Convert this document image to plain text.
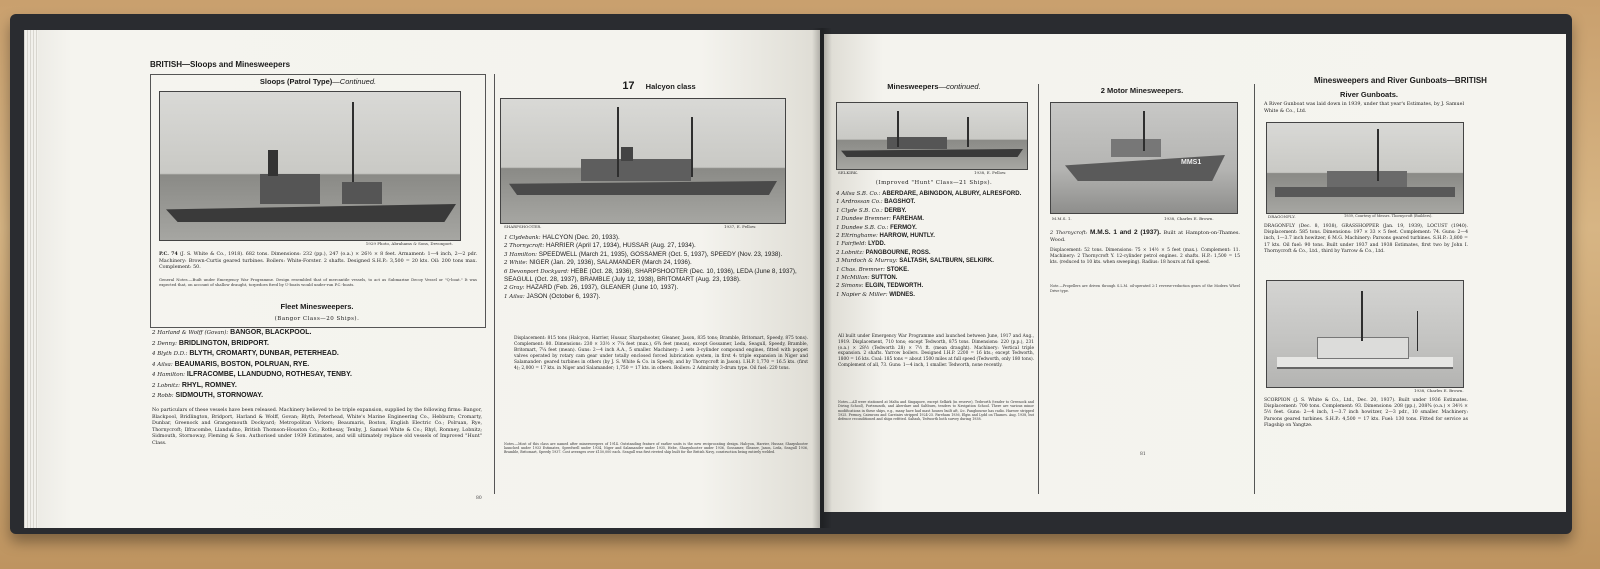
BRITISH—Sloops and Minesweepers
Sloops (Patrol Type)—Continued.
1929 Photo, Abrahams & Sons, Devonport.
P.C. 74 (J. S. White & Co., 1918). 682 tons. Dimensions: 232 (pp.), 247 (o.a.) × 26½ × 8 feet. Armament: 1—4 inch, 2—2 pdr. Machinery: Brown-Curtis geared turbines. Boilers: White-Forster. 2 shafts. Designed S.H.P.: 3,500 = 20 kts. Oil: 200 tons max. Complement: 50.
General Notes.—Built under Emergency War Programme. Design resembled that of mercantile vessels, to act as Submarine Decoy Vessel or "Q-boat." It was expected that, on account of shallow draught, torpedoes fired by U-boats would under-run P.C.-boats.
Fleet Minesweepers.
(Bangor Class—20 Ships).
2 Harland & Wolff (Govan): BANGOR, BLACKPOOL.
2 Denny: BRIDLINGTON, BRIDPORT.
4 Blyth D.D.: BLYTH, CROMARTY, DUNBAR, PETERHEAD.
4 Ailsa: BEAUMARIS, BOSTON, POLRUAN, RYE.
4 Hamilton: ILFRACOMBE, LLANDUDNO, ROTHESAY, TENBY.
2 Lobnitz: RHYL, ROMNEY.
2 Robb: SIDMOUTH, STORNOWAY.
No particulars of these vessels have been released. Machinery believed to be triple expansion, supplied by the following firms: Bangor, Blackpool, Bridlington, Bridport, Harland & Wolff, Govan; Blyth, Peterhead, White's Marine Engineering Co., Hebburn; Cromarty, Dunbar, Greenock and Grangemouth Dockyard; Metropolitan Vickers; Beaumaris, Boston, English Electric Co.; Polruan, Rye, Thornycroft; Ilfracombe, Llandudno, British Thomson-Houston Co.; Rothesay, Tenby, J. Samuel White & Co.; Rhyl, Romney, Lobnitz; Sidmouth, Stornoway, Fleming & Son. Authorised under 1939 Estimates, and will ultimately replace old vessels of Improved "Hunt" Class.
17 Halcyon class
SHARPSHOOTER.	1937, E. Pellow.
1 Clydebank: HALCYON (Dec. 20, 1933).
2 Thornycroft: HARRIER (April 17, 1934), HUSSAR (Aug. 27, 1934).
3 Hamilton: SPEEDWELL (March 21, 1935), GOSSAMER (Oct. 5, 1937), SPEEDY (Nov. 23, 1938).
2 White: NIGER (Jan. 29, 1936), SALAMANDER (March 24, 1936).
6 Devonport Dockyard: HEBE (Oct. 28, 1936), SHARPSHOOTER (Dec. 10, 1936), LEDA (June 8, 1937), SEAGULL (Oct. 28, 1937), BRAMBLE (July 12, 1938), BRITOMART (Aug. 23, 1938).
2 Gray: HAZARD (Feb. 26, 1937), GLEANER (June 10, 1937).
1 Ailsa: JASON (October 6, 1937).
Displacement: 815 tons (Halcyon, Harrier, Hussar, Sharpshooter, Gleaner, Jason, 835 tons; Bramble, Britomart, Speedy, 875 tons). Complement: 80. Dimensions: 230 × 33½ × 7¼ feet (max.), 6¾ feet (mean), except Gossamer, Leda, Seagull, Speedy, Bramble, Britomart, 7¼ feet (mean). Guns: 2—4 inch A.A., 5 smaller. Machinery: 2 sets 3-cylinder compound engines, fitted with poppet valves operated by rotary cam gear under totally enclosed forced lubrication system, in first 4: triple expansion in Niger and Salamander: geared turbines in others (by J. S. White & Co. in Speedy, and by Thornycroft in Jason). I.H.P. 1,770 = 16.5 kts. (first 4); 2,000 = 17 kts. in Niger and Salamander; 1,750 = 17 kts. in others. Boilers: 2 Admiralty 3-drum type. Oil fuel: 220 tons.
Notes.—Most of this class are named after minesweepers of 1914. Outstanding feature of earlier units is the new reciprocating design. Halcyon, Harrier, Hussar, Sharpshooter launched under 1933 Estimates, Speedwell under 1934, Niger and Salamander under 1935, Hebe, Sharpshooter under 1936, Gossamer, Gleaner, Jason, Leda, Seagull 1936, Bramble, Britomart, Speedy 1937. Cost averages over £150,000 each. Seagull was first riveted ship built for the British Navy, construction being entirely welded.
80
Minesweepers—continued.
SELKIRK.	1938, E. Pellow.
(Improved "Hunt" Class—21 Ships).
4 Ailsa S.B. Co.: ABERDARE, ABINGDON, ALBURY, ALRESFORD.
1 Ardrossan Co.: BAGSHOT.
1 Clyde S.B. Co.: DERBY.
1 Dundee Bremner: FAREHAM.
1 Dundee S.B. Co.: FERMOY.
2 Eltringhame: HARROW, HUNTLY.
1 Fairfield: LYDD.
2 Lobnitz: PANGBOURNE, ROSS.
3 Murdoch & Murray: SALTASH, SALTBURN, SELKIRK.
1 Chas. Bremner: STOKE.
1 McMillan: SUTTON.
2 Simons: ELGIN, TEDWORTH.
1 Napier & Miller: WIDNES.
All built under Emergency War Programme and launched between June, 1917 and Aug., 1919. Displacement, 710 tons; except Tedworth, 875 tons. Dimensions: 220 (p.p.), 231 (o.a.) × 28½ (Tedworth 28) × 7½ ft. (mean draught). Machinery: Vertical triple expansion. 2 shafts. Yarrow boilers. Designed I.H.P. 2200 = 16 kts.; except Tedworth, 1800 = 16 kts. Coal: 185 tons = about 1500 miles at full speed (Tedworth, only 180 tons). Complement of all, 73. Guns: 1—4 inch, 1 smaller. Tedworth, none recently.
Notes.—All were stationed at Malta and Singapore, except Selkirk (in reserve), Tedworth (tender to Greenock and Diving School), Portsmouth, and Aberdare and Saltburn, tenders to Navigation School. There are various minor modifications in these ships, e.g., many have had mast houses built aft, &c. Pangbourne has radio. Harrow stripped 1925. Fermoy, Cairnross and Carstairs stripped 1924-25. Fareham 1936, Elgin and Lydd on Thames. Aug. 1938, but defence reconditioned and ships refitted. Saltash, Tedworth both survey during 1938.
2 Motor Minesweepers.
MMS1
M.M.S. 1.	1938, Charles E. Brown.
2 Thornycroft: M.M.S. 1 and 2 (1937). Built at Hampton-on-Thames. Wood.
Displacement: 52 tons. Dimensions: 75 × 14½ × 5 feet (max.). Complement: 11. Machinery: 2 Thornycroft Y. 12-cylinder petrol engines. 2 shafts. H.P.: 1,500 = 15 kts. (reduced to 10 kts. when sweeping). Radius: 18 hours at full speed.
Note.—Propellers are driven through S.L.M. oil-operated 2:1 reverse-reduction gears of the Modern Wheel Drive type.
Minesweepers and River Gunboats—BRITISH
River Gunboats.
A River Gunboat was laid down in 1939, under that year's Estimates, by J. Samuel White & Co., Ltd.
DRAGONFLY.	1939, Courtesy of Messrs. Thornycroft (Builders).
DRAGONFLY (Dec. 8, 1938), GRASSHOPPER (Jan. 19, 1939), LOCUST (1940). Displacement: 585 tons. Dimensions: 197 × 33 × 5 feet. Complement: 74. Guns: 2—4 inch, 1—3.7 inch howitzer, 6 M.G. Machinery: Parsons geared turbines. S.H.P.: 3,800 = 17 kts. Oil fuel: 90 tons. Built under 1937 and 1938 Estimates, first two by John I. Thornycroft & Co., Ltd., third by Yarrow & Co., Ltd.
1938, Charles E. Brown.
SCORPION (J. S. White & Co., Ltd., Dec. 20, 1937). Built under 1936 Estimates. Displacement: 700 tons. Complement: 93. Dimensions: 208 (pp.), 208¾ (o.a.) × 34½ × 5½ feet. Guns: 2—4 inch, 1—3.7 inch howitzer, 2—3 pdr., 10 smaller. Machinery: Parsons geared turbines. S.H.P.: 4,500 = 17 kts. Fuel: 130 tons. Fitted for service as Flagship on Yangtze.
81
